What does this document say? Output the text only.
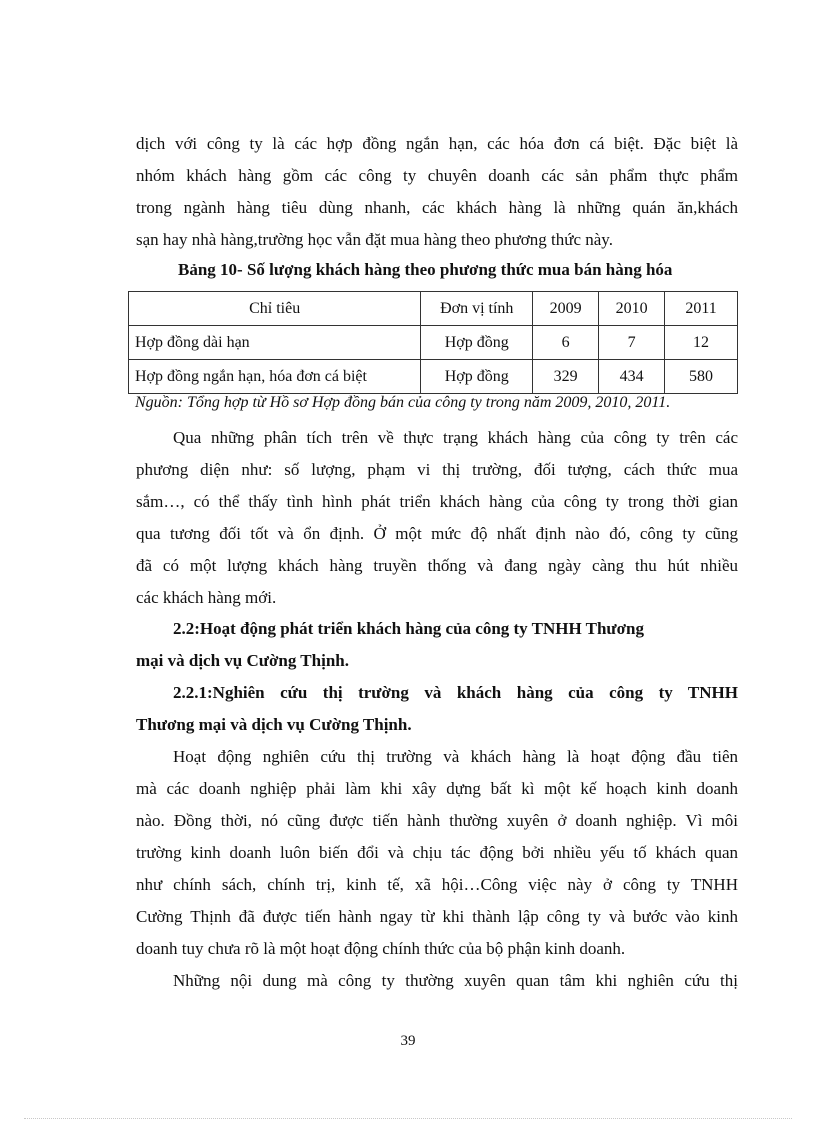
dịch với công ty là các hợp đồng ngắn hạn, các hóa đơn cá biệt. Đặc biệt là
nhóm khách hàng gồm các công ty chuyên doanh các sản phẩm thực phẩm
trong ngành hàng tiêu dùng nhanh, các khách hàng là những quán ăn,khách
sạn hay nhà hàng,trường học vẫn đặt mua hàng theo phương thức này.
Bảng 10- Số lượng khách hàng theo phương thức mua bán hàng hóa
Chỉ tiêu	Đơn vị tính	2009	2010	2011
Hợp đồng dài hạn	Hợp đồng	6	7	12
Hợp đồng ngắn hạn, hóa đơn cá biệt	Hợp đồng	329	434	580
Nguồn: Tổng hợp từ Hồ sơ Hợp đồng bán của công ty trong năm 2009, 2010, 2011.
Qua những phân tích trên về thực trạng khách hàng của công ty trên các
phương diện như: số lượng, phạm vi thị trường, đối tượng, cách thức mua
sắm…, có thể thấy tình hình phát triển khách hàng của công ty trong thời gian
qua tương đối tốt và ổn định. Ở một mức độ nhất định nào đó, công ty cũng
đã có một lượng khách hàng truyền thống và đang ngày càng thu hút nhiều
các khách hàng mới.
2.2:Hoạt động phát triển khách hàng của công ty TNHH Thương
mại và dịch vụ Cường Thịnh.
2.2.1:Nghiên cứu thị trường và khách hàng của công ty TNHH
Thương mại và dịch vụ Cường Thịnh.
Hoạt động nghiên cứu thị trường và khách hàng là hoạt động đầu tiên
mà các doanh nghiệp phải làm khi xây dựng bất kì một kế hoạch kinh doanh
nào. Đồng thời, nó cũng được tiến hành thường xuyên ở doanh nghiệp. Vì môi
trường kinh doanh luôn biến đổi và chịu tác động bởi nhiều yếu tố khách quan
như chính sách, chính trị, kinh tế, xã hội…Công việc này ở công ty TNHH
Cường Thịnh đã được tiến hành ngay từ khi thành lập công ty và bước vào kinh
doanh tuy chưa rõ là một hoạt động chính thức của bộ phận kinh doanh.
Những nội dung mà công ty thường xuyên quan tâm khi nghiên cứu thị
39
